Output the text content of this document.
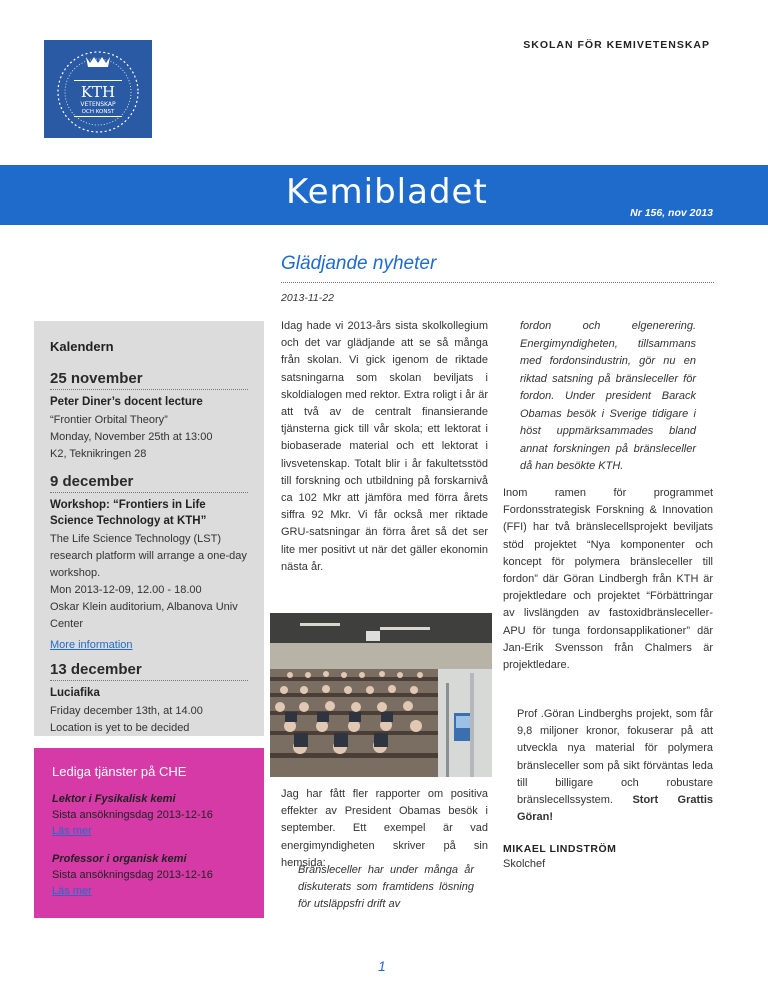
KTH
VETENSKAP
OCH KONST
SKOLAN FÖR KEMIVETENSKAP
Kemibladet
Nr 156, nov 2013
Glädjande nyheter
2013-11-22

Kalendern

25 november

Peter Diner’s docent lecture

“Frontier Orbital Theory”

Monday, November 25th at 13:00

K2, Teknikringen 28

9 december

Workshop: “Frontiers in Life Science Technology at KTH”

The Life Science Technology (LST) research platform will arrange a one-day workshop.

Mon 2013-12-09, 12.00 - 18.00

Oskar Klein auditorium, Albanova Univ Center

More information

13 december

Luciafika

Friday december 13th, at 14.00

Location is yet to be decided

Lediga tjänster på CHE

Lektor i Fysikalisk kemi

Sista ansökningsdag 2013-12-16

Läs mer

Professor i organisk kemi

Sista ansökningsdag 2013-12-16

Läs mer

Idag hade vi 2013-års sista skolkollegium och det var glädjande att se så många från skolan. Vi gick igenom de riktade satsningarna som skolan beviljats i skoldialogen med rektor. Extra roligt i år är att två av de centralt finansierande tjänsterna gick till vår skola; ett lektorat i biobaserade material och ett lektorat i livsvetenskap. Totalt blir i år fakultetsstöd till forskning och utbildning på forskarnivå ca 102 Mkr att jämföra med förra årets siffra 92 Mkr. Vi får också mer riktade GRU-satsningar än förra året så det ser lite mer positivt ut när det gäller ekonomin nästa år.

Jag har fått fler rapporter om positiva effekter av President Obamas besök i september. Ett exempel är vad energimyndigheten skriver på sin hemsida:

Bränsleceller har under många år diskuterats som framtidens lösning för utsläppsfri drift av

fordon och elgenerering. Energimyndigheten, tillsammans med fordonsindustrin, gör nu en riktad satsning på bränsleceller för fordon. Under president Barack Obamas besök i Sverige tidigare i höst uppmärksammades bland annat forskningen på bränsleceller då han besökte KTH.

Inom ramen för programmet Fordonsstrategisk Forskning & Innovation (FFI) har två bränslecellsprojekt beviljats stöd projektet “Nya komponenter och koncept för polymera bränsleceller till fordon” där Göran Lindbergh från KTH är projektledare och projektet “Förbättringar av livslängden av fastoxidbränsleceller-APU för tunga fordonsapplikationer” där Jan-Erik Svensson från Chalmers är projektledare.

Prof .Göran Lindberghs projekt, som får 9,8 miljoner kronor, fokuserar på att utveckla nya material för polymera bränsleceller som på sikt förväntas leda till billigare och robustare bränslecellssystem. Stort Grattis Göran!

MIKAEL LINDSTRÖM
Skolchef
1
